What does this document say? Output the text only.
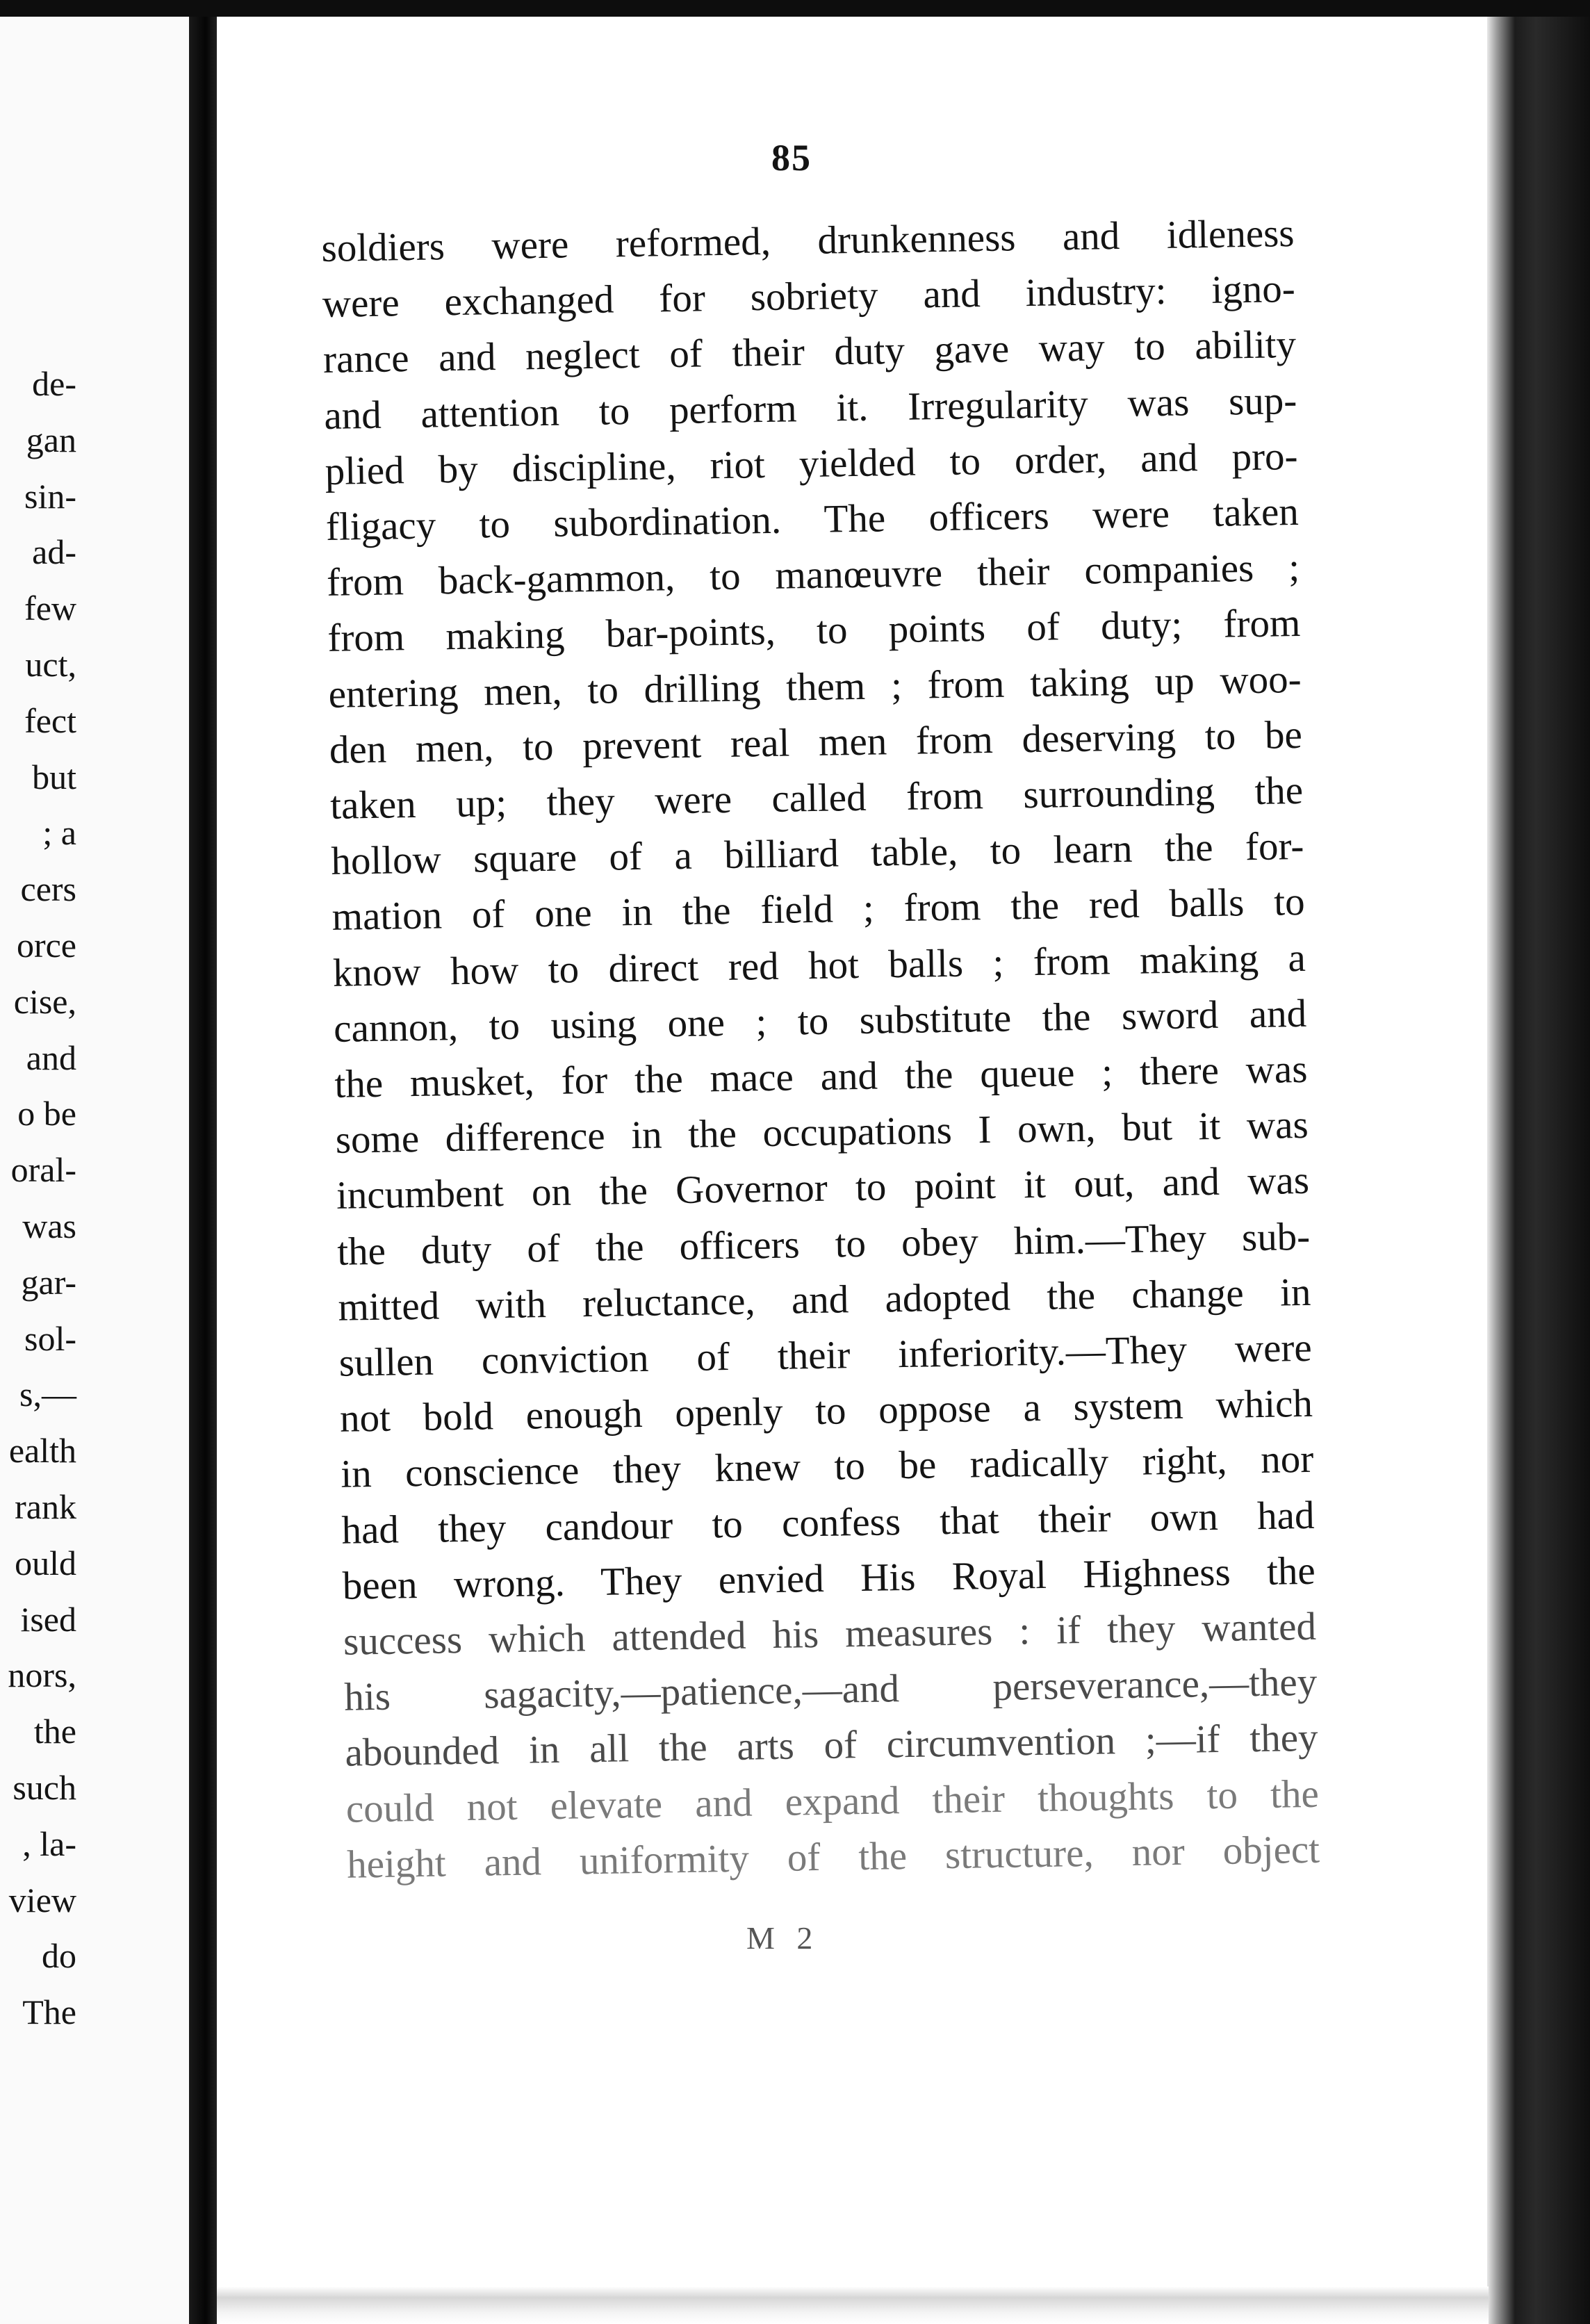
de-
gan
sin-
ad-
few
uct,
fect
but
; a
cers
orce
cise,
and
o be
oral-
was
gar-
sol-
s,—
ealth
rank
ould
ised
nors,
the
such
, la-
view
do
The
85
soldiers were reformed, drunkenness and idleness
were exchanged for sobriety and industry: igno-
rance and neglect of their duty gave way to ability
and attention to perform it. Irregularity was sup-
plied by discipline, riot yielded to order, and pro-
fligacy to subordination. The officers were taken
from back-gammon, to manœuvre their companies ;
from making bar-points, to points of duty; from
entering men, to drilling them ; from taking up woo-
den men, to prevent real men from deserving to be
taken up; they were called from surrounding the
hollow square of a billiard table, to learn the for-
mation of one in the field ; from the red balls to
know how to direct red hot balls ; from making a
cannon, to using one ; to substitute the sword and
the musket, for the mace and the queue ; there was
some difference in the occupations I own, but it was
incumbent on the Governor to point it out, and was
the duty of the officers to obey him.—They sub-
mitted with reluctance, and adopted the change in
sullen conviction of their inferiority.—They were
not bold enough openly to oppose a system which
in conscience they knew to be radically right, nor
had they candour to confess that their own had
been wrong. They envied His Royal Highness the
success which attended his measures : if they wanted
his sagacity,—patience,—and perseverance,—they
abounded in all the arts of circumvention ;—if they
could not elevate and expand their thoughts to the
height and uniformity of the structure, nor object
M 2
